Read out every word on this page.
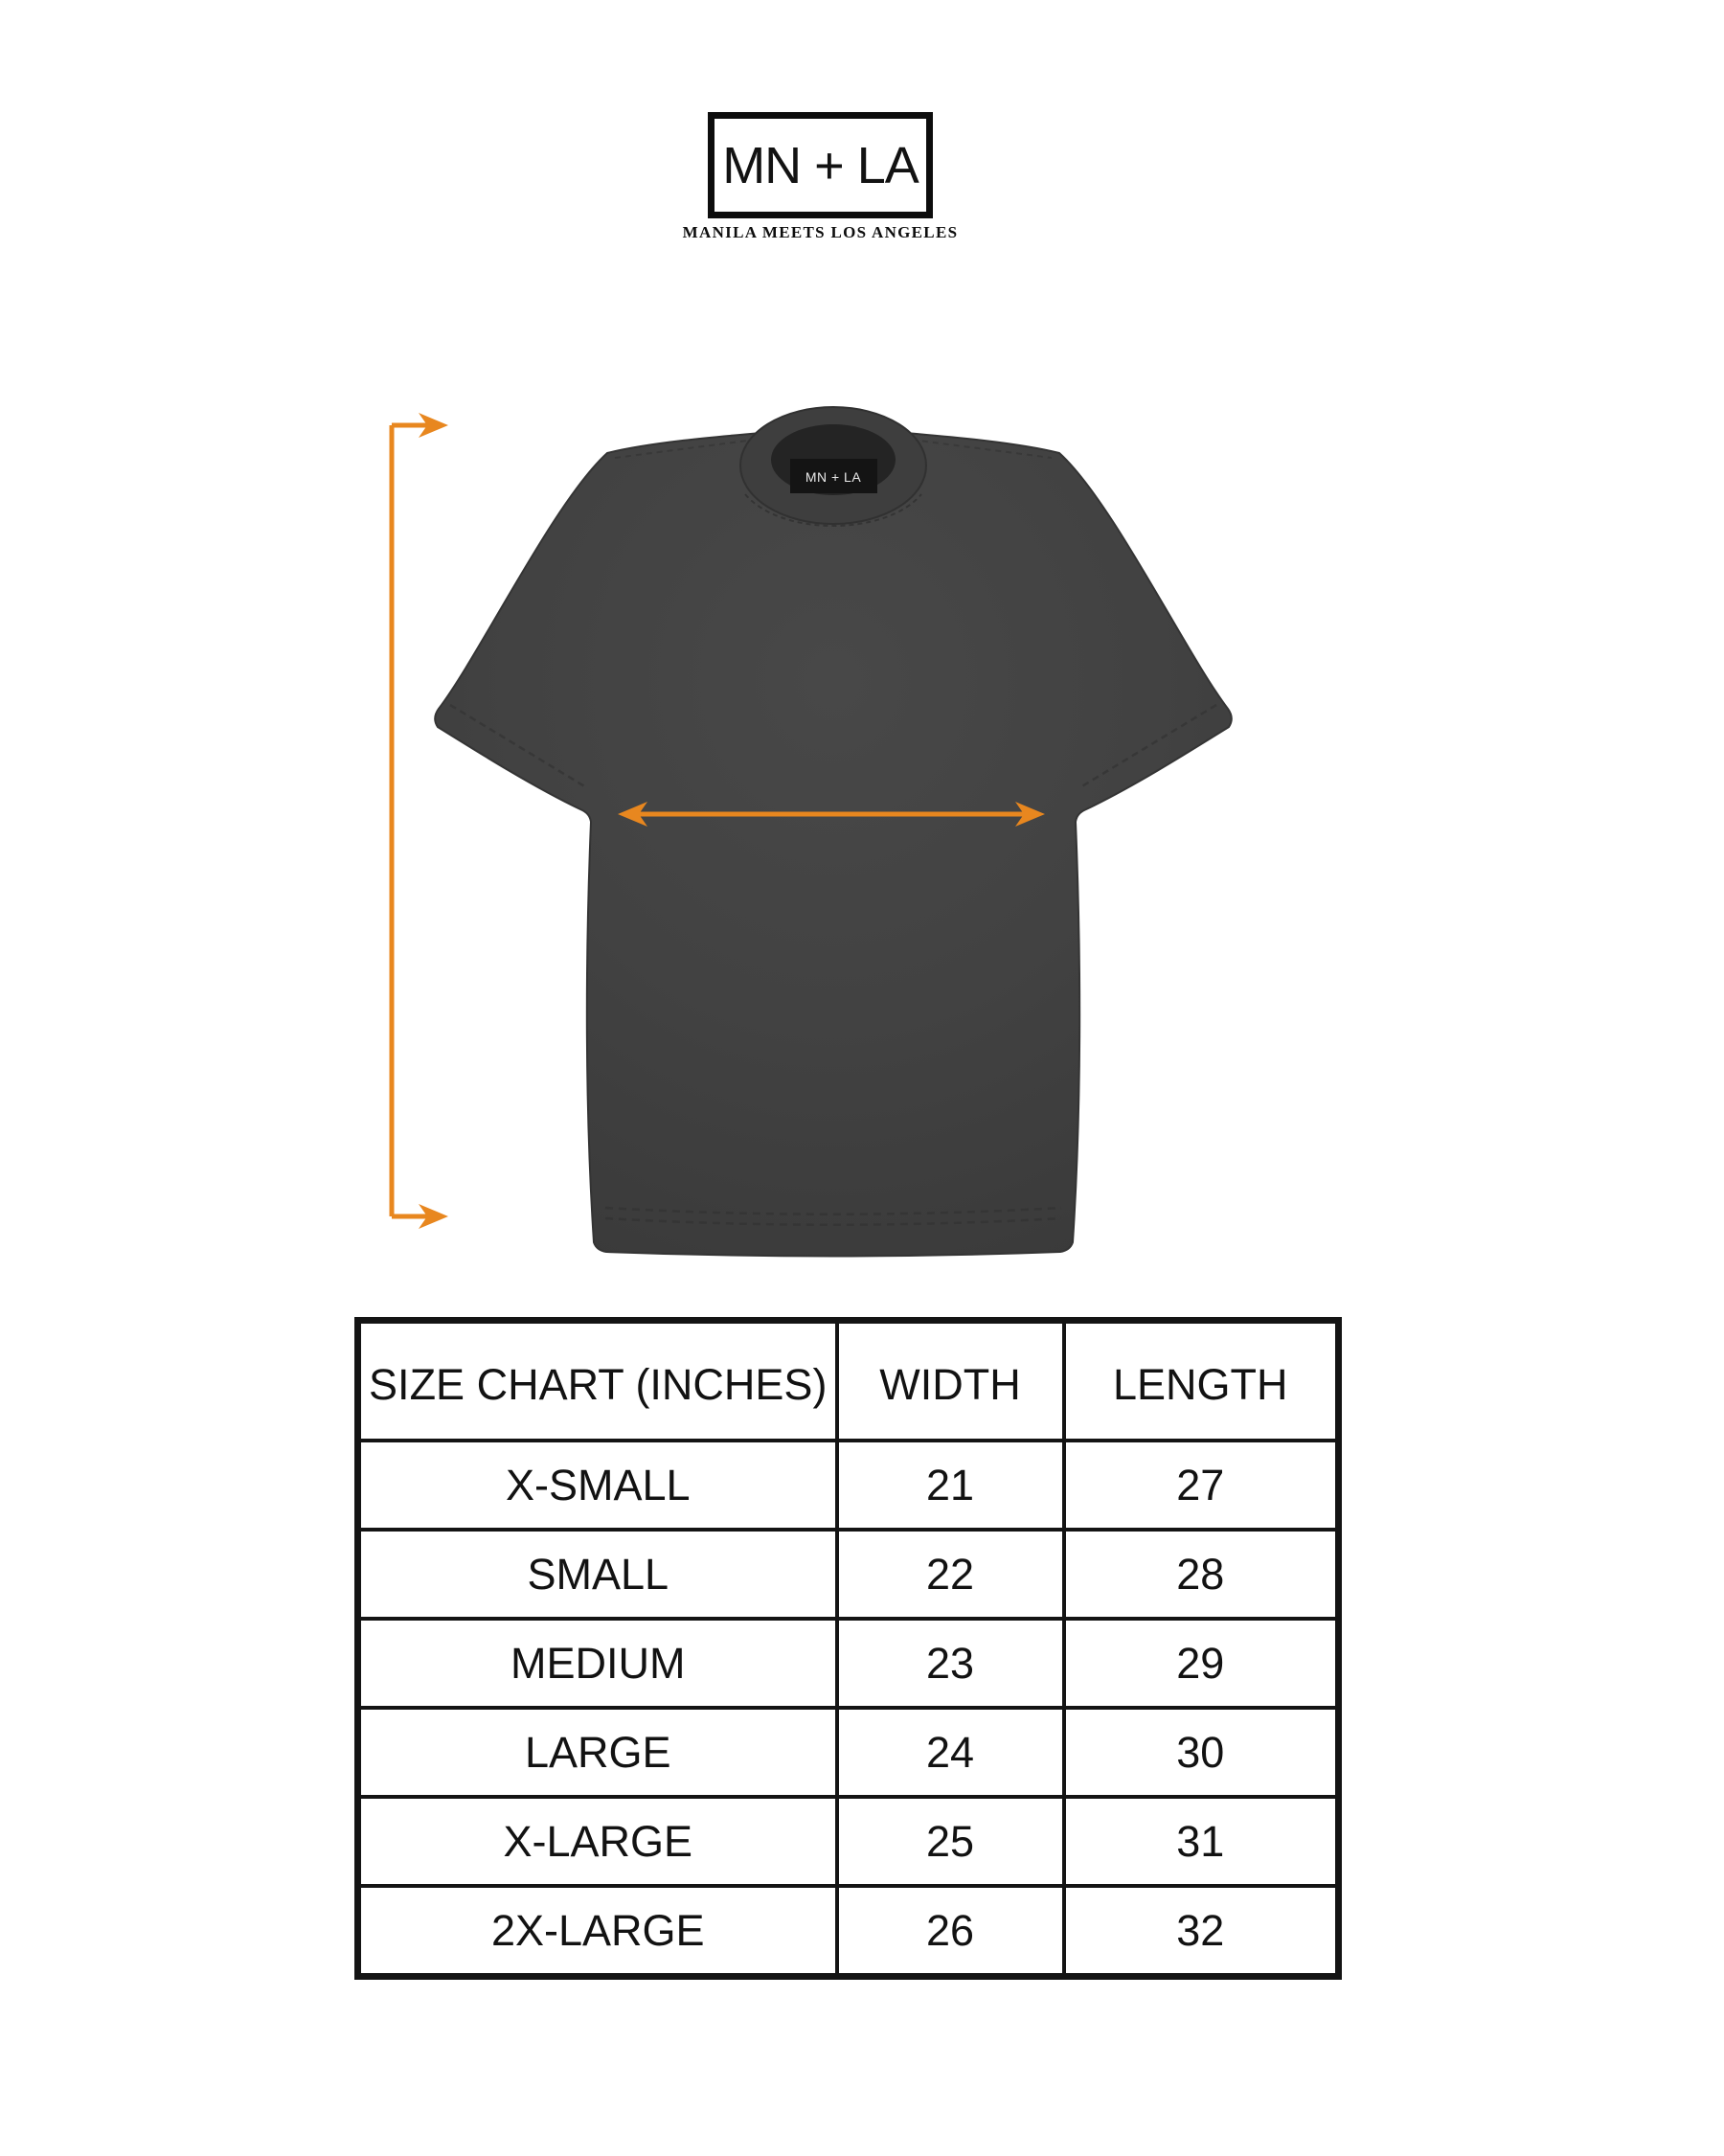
MN + LA
MANILA MEETS LOS ANGELES
MN + LA
SIZE CHART (INCHES)	WIDTH	LENGTH
X-SMALL	21	27
SMALL	22	28
MEDIUM	23	29
LARGE	24	30
X-LARGE	25	31
2X-LARGE	26	32
